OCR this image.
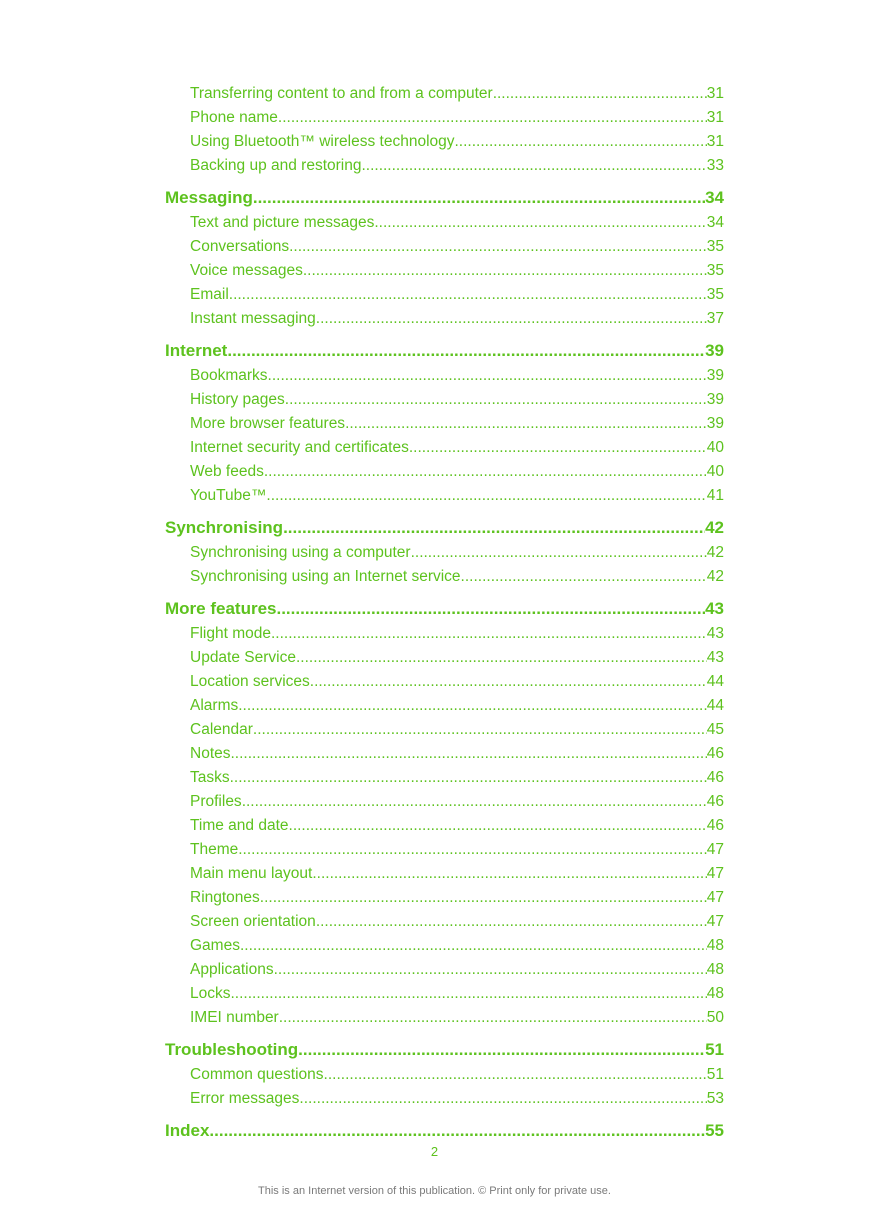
Transferring content to and from a computer .....	31
Phone name .....	31
Using Bluetooth™ wireless technology .....	31
Backing up and restoring .....	33
Messaging .....	34
Text and picture messages .....	34
Conversations .....	35
Voice messages .....	35
Email .....	35
Instant messaging .....	37
Internet .....	39
Bookmarks .....	39
History pages .....	39
More browser features .....	39
Internet security and certificates .....	40
Web feeds .....	40
YouTube™ .....	41
Synchronising .....	42
Synchronising using a computer .....	42
Synchronising using an Internet service .....	42
More features .....	43
Flight mode .....	43
Update Service .....	43
Location services .....	44
Alarms .....	44
Calendar .....	45
Notes .....	46
Tasks .....	46
Profiles .....	46
Time and date .....	46
Theme .....	47
Main menu layout .....	47
Ringtones .....	47
Screen orientation .....	47
Games .....	48
Applications .....	48
Locks .....	48
IMEI number .....	50
Troubleshooting .....	51
Common questions .....	51
Error messages .....	53
Index .....	55
2
This is an Internet version of this publication. © Print only for private use.
